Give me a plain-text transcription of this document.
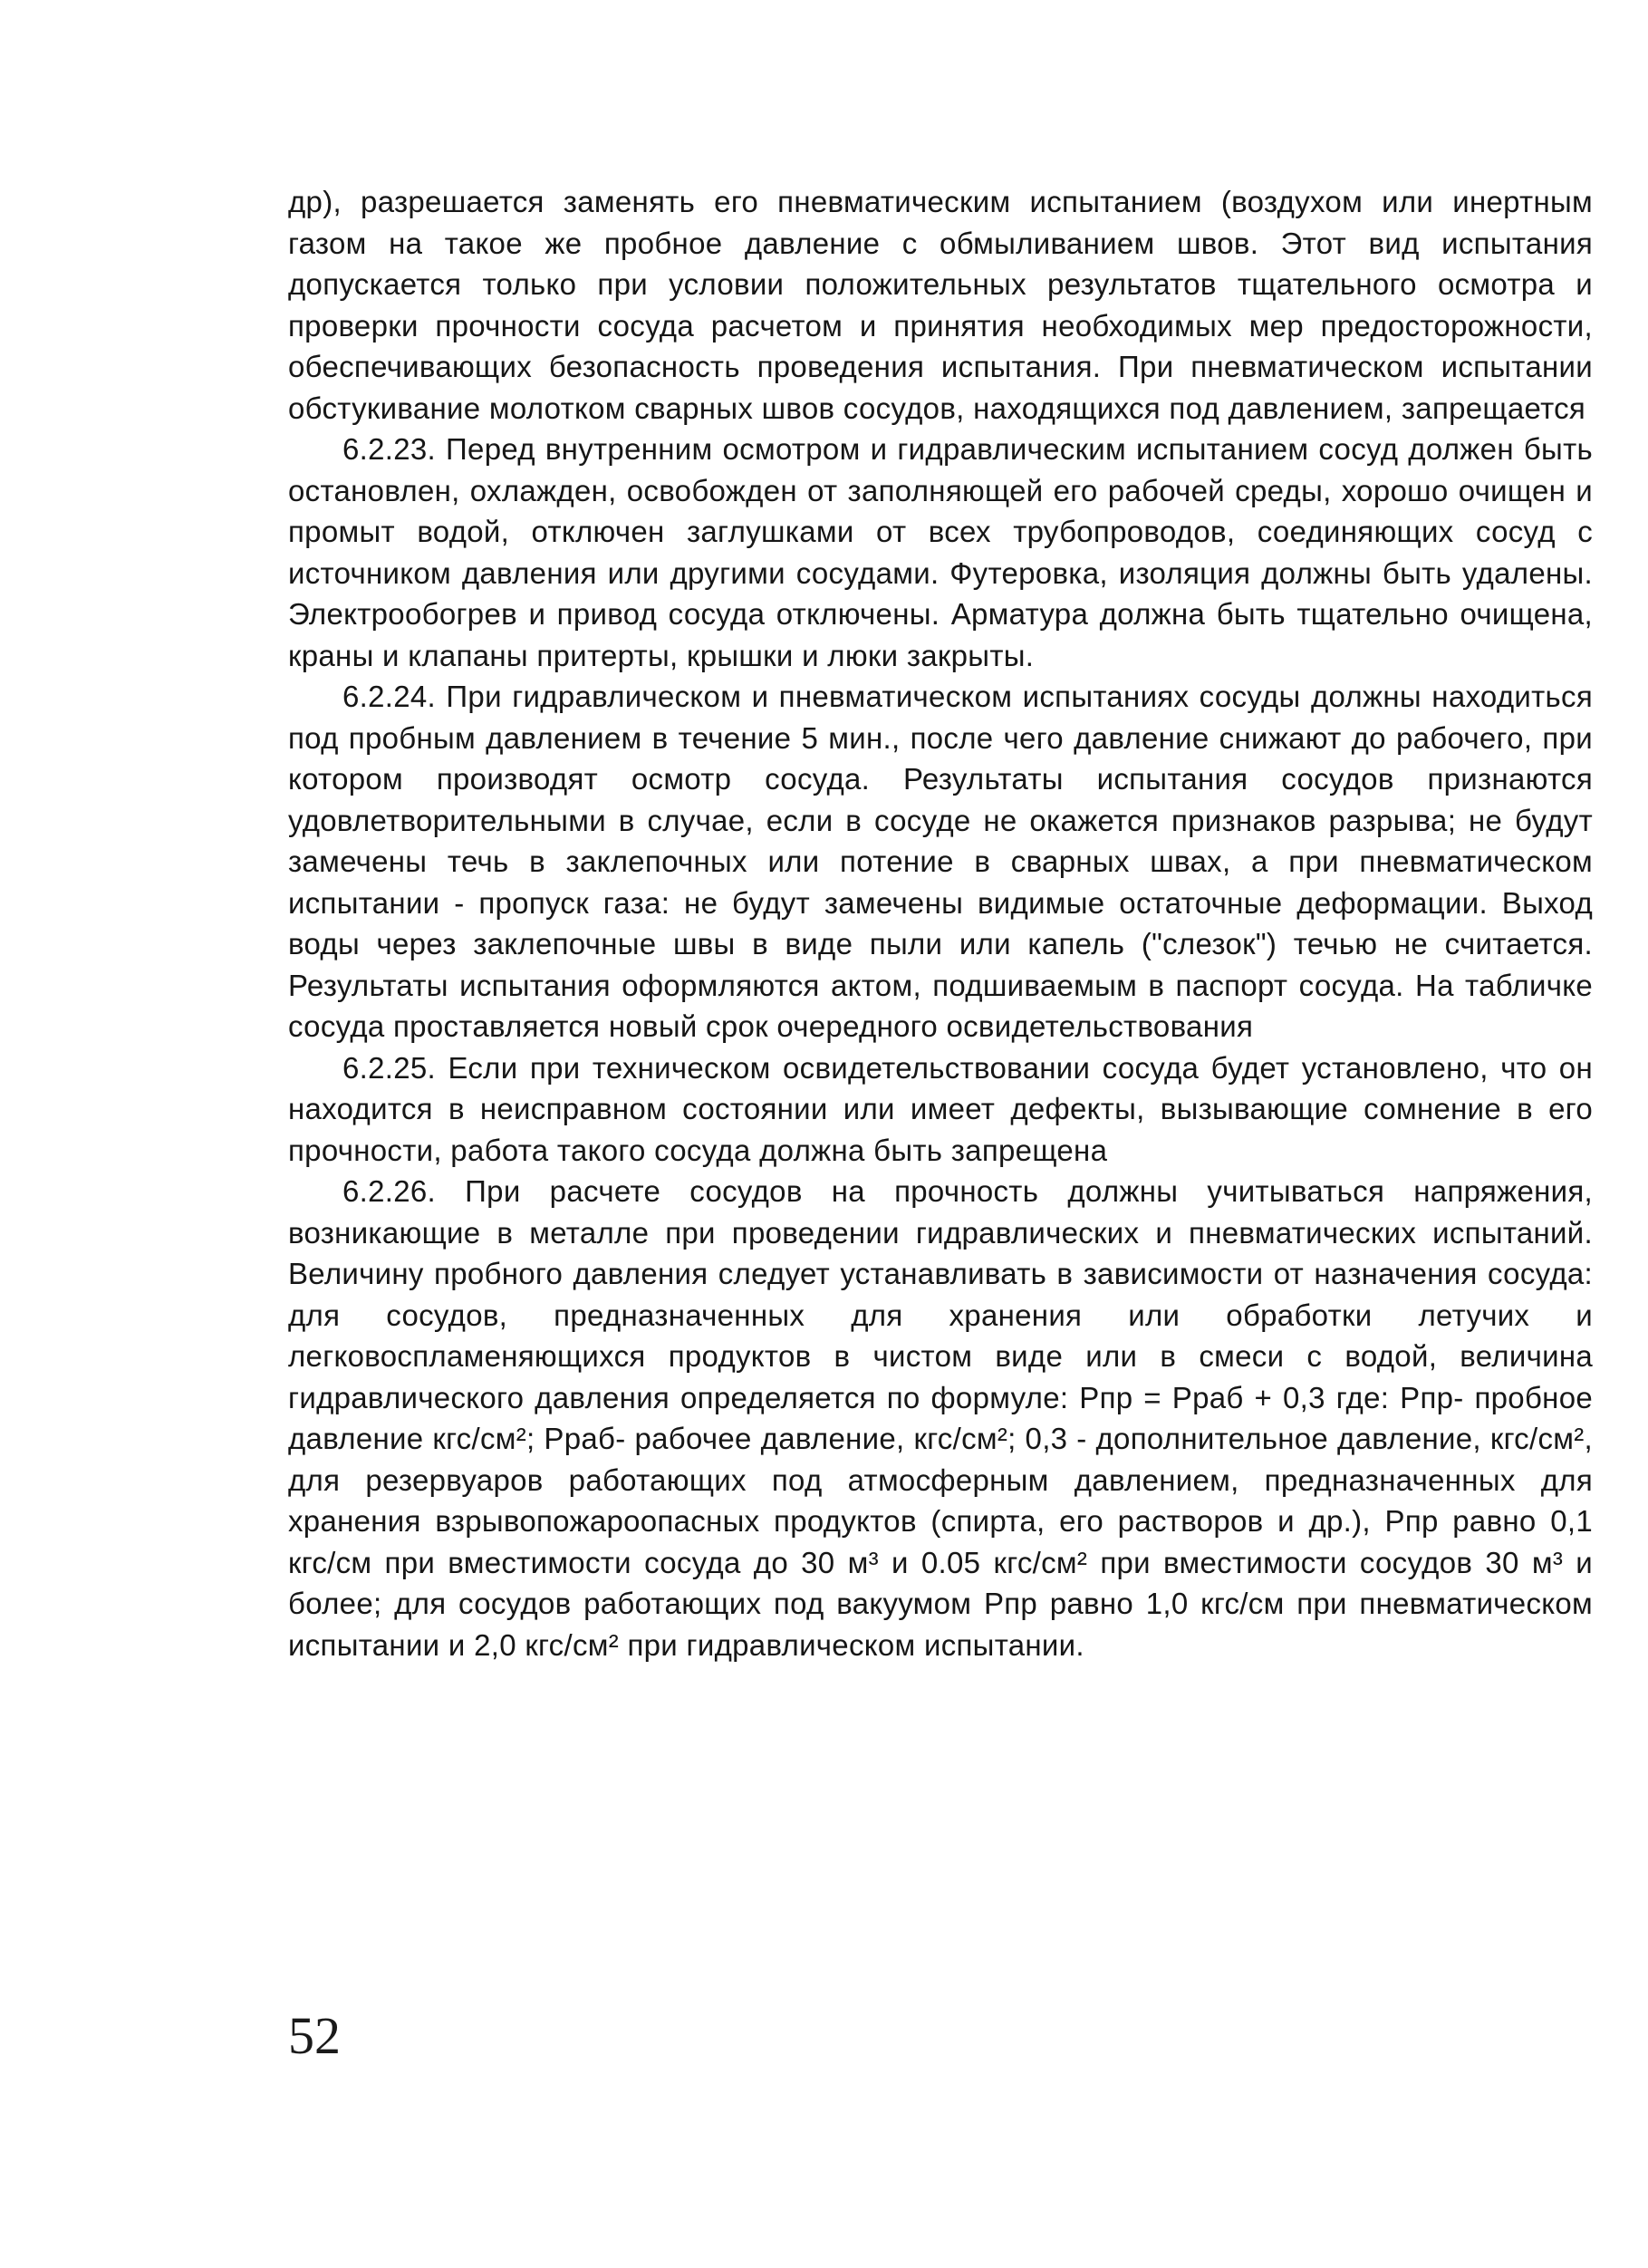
др), разрешается заменять его пневматическим испытанием (воздухом или инертным газом на такое же пробное давление с обмыливанием швов. Этот вид испытания допускается только при условии положительных результатов тщательного осмотра и проверки прочности сосуда расчетом и принятия необходимых мер предосторожности, обеспечивающих безопасность проведения испытания. При пневматическом испытании обстукивание молотком сварных швов сосудов, находящихся под давлением, запрещается

6.2.23. Перед внутренним осмотром и гидравлическим испытанием сосуд должен быть остановлен, охлажден, освобожден от заполняющей его рабочей среды, хорошо очищен и промыт водой, отключен заглушками от всех трубопроводов, соединяющих сосуд с источником давления или другими сосудами. Футеровка, изоляция должны быть удалены. Электрообогрев и привод сосуда отключены. Арматура должна быть тщательно очищена, краны и клапаны притерты, крышки и люки закрыты.

6.2.24. При гидравлическом и пневматическом испытаниях сосуды должны находиться под пробным давлением в течение 5 мин., после чего давление снижают до рабочего, при котором производят осмотр сосуда. Результаты испытания сосудов признаются удовлетворительными в случае, если в сосуде не окажется признаков разрыва; не будут замечены течь в заклепочных или потение в сварных швах, а при пневматическом испытании - пропуск газа: не будут замечены видимые остаточные деформации. Выход воды через заклепочные швы в виде пыли или капель ("слезок") течью не считается. Результаты испытания оформляются актом, подшиваемым в паспорт сосуда. На табличке сосуда проставляется новый срок очередного освидетельствования

6.2.25. Если при техническом освидетельствовании сосуда будет установлено, что он находится в неисправном состоянии или имеет дефекты, вызывающие сомнение в его прочности, работа такого сосуда должна быть запрещена

6.2.26. При расчете сосудов на прочность должны учитываться напряжения, возникающие в металле при проведении гидравлических и пневматических испытаний. Величину пробного давления следует устанавливать в зависимости от назначения сосуда: для сосудов, предназначенных для хранения или обработки летучих и легковоспламеняющихся продуктов в чистом виде или в смеси с водой, величина гидравлического давления определяется по формуле: Рпр = Рраб + 0,3 где: Рпр- пробное давление кгс/см²; Рраб- рабочее давление, кгс/см²; 0,3 - дополнительное давление, кгс/см², для резервуаров работающих под атмосферным давлением, предназначенных для хранения взрывопожароопасных продуктов (спирта, его растворов и др.), Рпр равно 0,1 кгс/см при вместимости сосуда до 30 м³ и 0.05 кгс/см² при вместимости сосудов 30 м³ и более; для сосудов работающих под вакуумом Рпр равно 1,0 кгс/см при пневматическом испытании и 2,0 кгс/см² при гидравлическом испытании.

52
